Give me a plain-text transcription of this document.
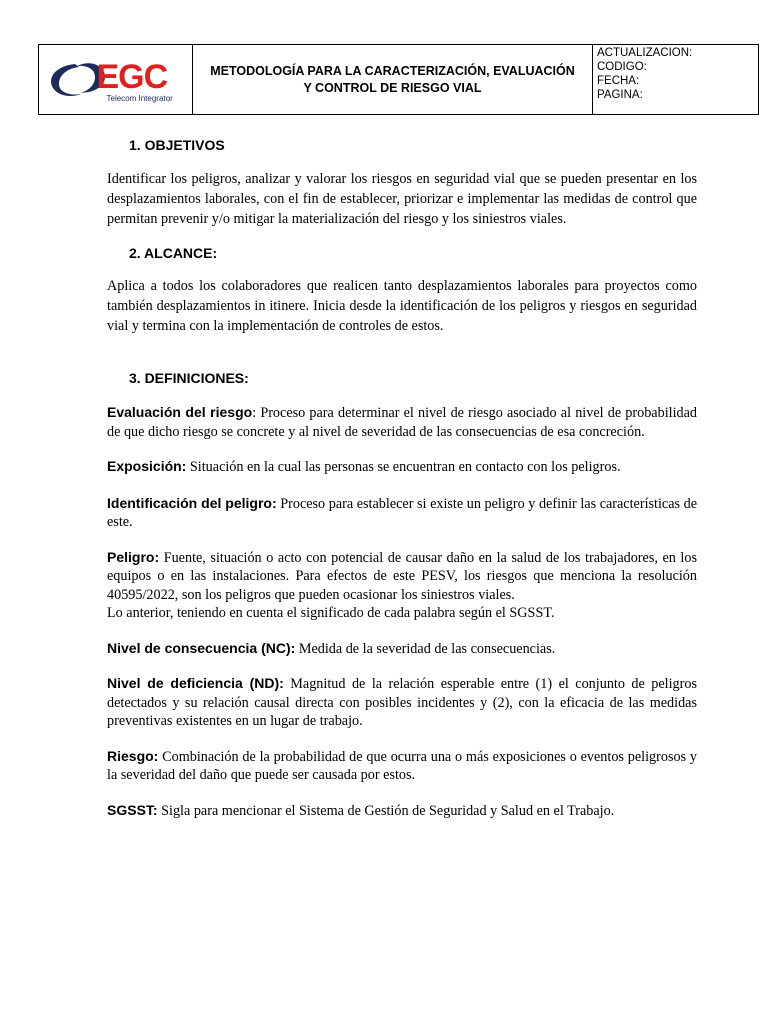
EGC
Telecom Integrator
METODOLOGÍA PARA LA CARACTERIZACIÓN, EVALUACIÓN Y CONTROL DE RIESGO VIAL
ACTUALIZACION:
CODIGO:
FECHA:
PAGINA:
1. OBJETIVOS
Identificar los peligros, analizar y valorar los riesgos en seguridad vial que se pueden presentar en los desplazamientos laborales, con el fin de establecer, priorizar e implementar las medidas de control que permitan prevenir y/o mitigar la materialización del riesgo y los siniestros viales.
2. ALCANCE:
Aplica a todos los colaboradores que realicen tanto desplazamientos laborales para proyectos como también desplazamientos in itinere. Inicia desde la identificación de los peligros y riesgos en seguridad vial y termina con la implementación de controles de estos.
3. DEFINICIONES:
Evaluación del riesgo: Proceso para determinar el nivel de riesgo asociado al nivel de probabilidad de que dicho riesgo se concrete y al nivel de severidad de las consecuencias de esa concreción.
Exposición: Situación en la cual las personas se encuentran en contacto con los peligros.
Identificación del peligro: Proceso para establecer si existe un peligro y definir las características de este.
Peligro: Fuente, situación o acto con potencial de causar daño en la salud de los trabajadores, en los equipos o en las instalaciones. Para efectos de este PESV, los riesgos que menciona la resolución 40595/2022, son los peligros que pueden ocasionar los siniestros viales.
Lo anterior, teniendo en cuenta el significado de cada palabra según el SGSST.
Nivel de consecuencia (NC): Medida de la severidad de las consecuencias.
Nivel de deficiencia (ND): Magnitud de la relación esperable entre (1) el conjunto de peligros detectados y su relación causal directa con posibles incidentes y (2), con la eficacia de las medidas preventivas existentes en un lugar de trabajo.
Riesgo: Combinación de la probabilidad de que ocurra una o más exposiciones o eventos peligrosos y la severidad del daño que puede ser causada por estos.
SGSST: Sigla para mencionar el Sistema de Gestión de Seguridad y Salud en el Trabajo.
